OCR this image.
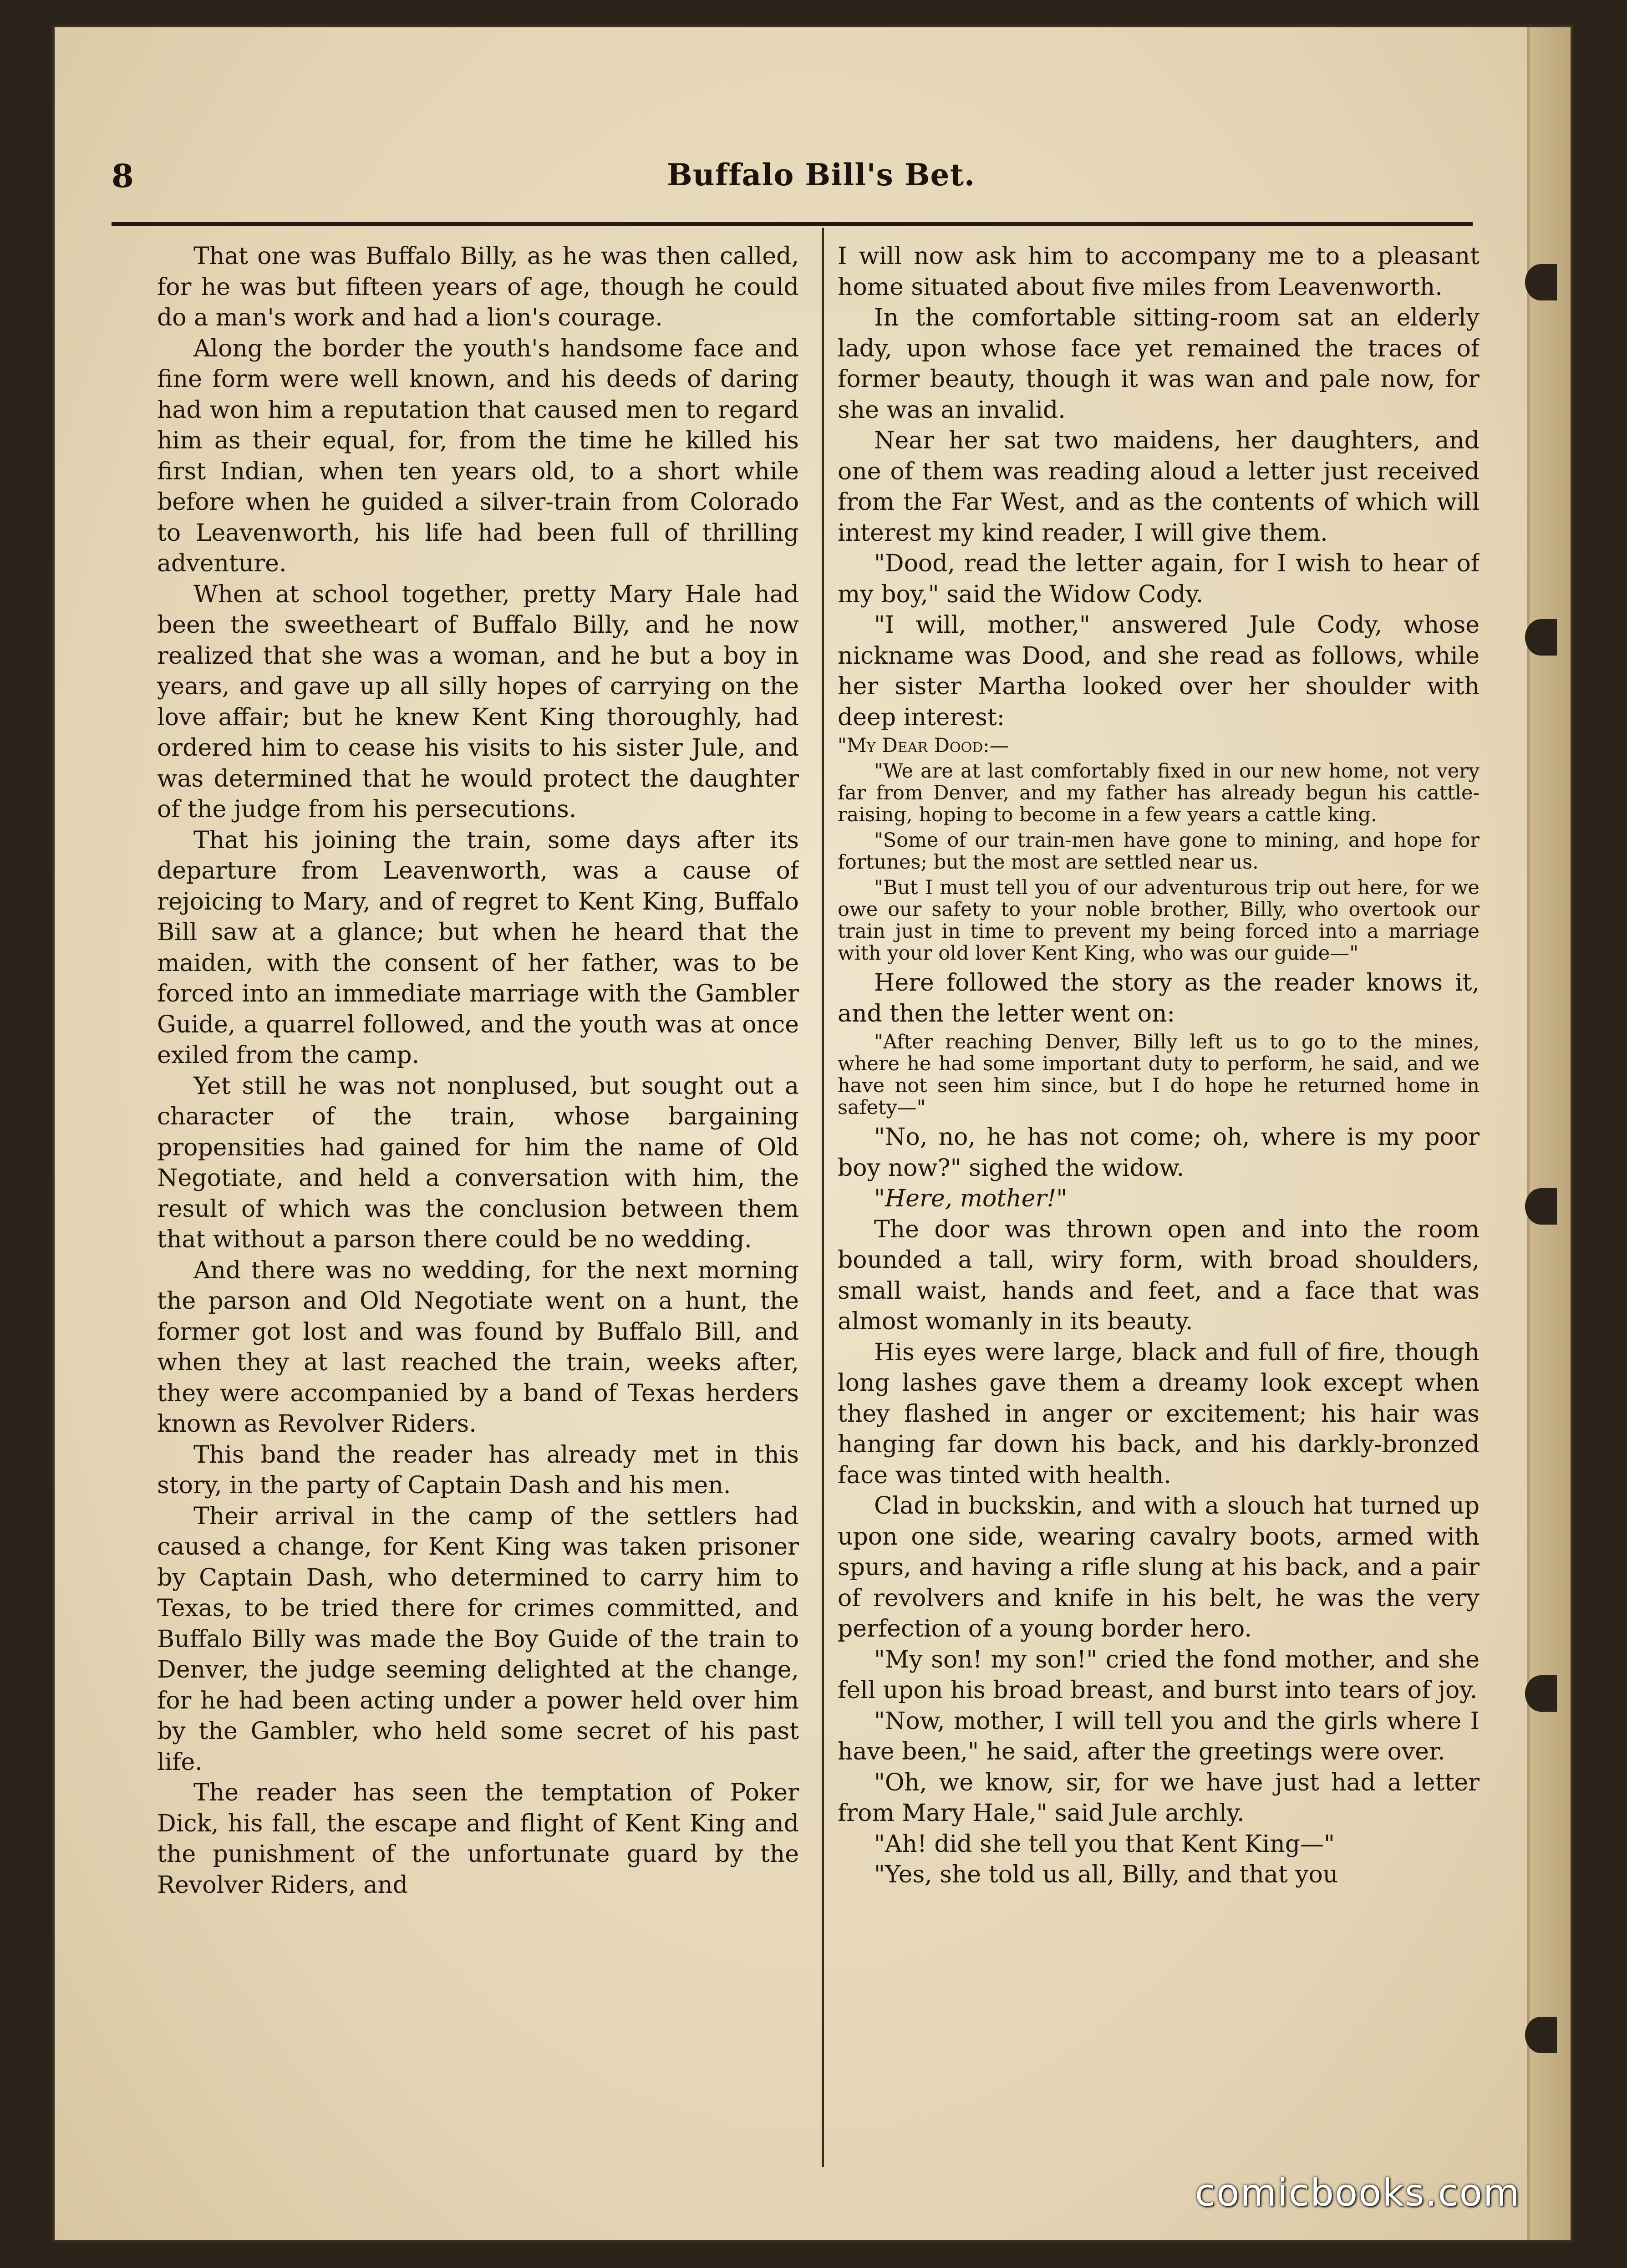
8	Buffalo Bill's Bet.

That one was Buffalo Billy, as he was then called, for he was but fifteen years of age, though he could do a man's work and had a lion's courage.

Along the border the youth's handsome face and fine form were well known, and his deeds of daring had won him a reputation that caused men to regard him as their equal, for, from the time he killed his first Indian, when ten years old, to a short while before when he guided a silver-train from Colorado to Leavenworth, his life had been full of thrilling adventure.

When at school together, pretty Mary Hale had been the sweetheart of Buffalo Billy, and he now realized that she was a woman, and he but a boy in years, and gave up all silly hopes of carrying on the love affair; but he knew Kent King thoroughly, had ordered him to cease his visits to his sister Jule, and was determined that he would protect the daughter of the judge from his persecutions.

That his joining the train, some days after its departure from Leavenworth, was a cause of rejoicing to Mary, and of regret to Kent King, Buffalo Bill saw at a glance; but when he heard that the maiden, with the consent of her father, was to be forced into an immediate marriage with the Gambler Guide, a quarrel followed, and the youth was at once exiled from the camp.

Yet still he was not nonplused, but sought out a character of the train, whose bargaining propensities had gained for him the name of Old Negotiate, and held a conversation with him, the result of which was the conclusion between them that without a parson there could be no wedding.

And there was no wedding, for the next morning the parson and Old Negotiate went on a hunt, the former got lost and was found by Buffalo Bill, and when they at last reached the train, weeks after, they were accompanied by a band of Texas herders known as Revolver Riders.

This band the reader has already met in this story, in the party of Captain Dash and his men.

Their arrival in the camp of the settlers had caused a change, for Kent King was taken prisoner by Captain Dash, who determined to carry him to Texas, to be tried there for crimes committed, and Buffalo Billy was made the Boy Guide of the train to Denver, the judge seeming delighted at the change, for he had been acting under a power held over him by the Gambler, who held some secret of his past life.

The reader has seen the temptation of Poker Dick, his fall, the escape and flight of Kent King and the punishment of the unfortunate guard by the Revolver Riders, and

I will now ask him to accompany me to a pleasant home situated about five miles from Leavenworth.

In the comfortable sitting-room sat an elderly lady, upon whose face yet remained the traces of former beauty, though it was wan and pale now, for she was an invalid.

Near her sat two maidens, her daughters, and one of them was reading aloud a letter just received from the Far West, and as the contents of which will interest my kind reader, I will give them.

"Dood, read the letter again, for I wish to hear of my boy," said the Widow Cody.

"I will, mother," answered Jule Cody, whose nickname was Dood, and she read as follows, while her sister Martha looked over her shoulder with deep interest:

"My Dear Dood:—

"We are at last comfortably fixed in our new home, not very far from Denver, and my father has already begun his cattle-raising, hoping to become in a few years a cattle king.

"Some of our train-men have gone to mining, and hope for fortunes; but the most are settled near us.

"But I must tell you of our adventurous trip out here, for we owe our safety to your noble brother, Billy, who overtook our train just in time to prevent my being forced into a marriage with your old lover Kent King, who was our guide—"

Here followed the story as the reader knows it, and then the letter went on:

"After reaching Denver, Billy left us to go to the mines, where he had some important duty to perform, he said, and we have not seen him since, but I do hope he returned home in safety—"

"No, no, he has not come; oh, where is my poor boy now?" sighed the widow.

"Here, mother!"

The door was thrown open and into the room bounded a tall, wiry form, with broad shoulders, small waist, hands and feet, and a face that was almost womanly in its beauty.

His eyes were large, black and full of fire, though long lashes gave them a dreamy look except when they flashed in anger or excitement; his hair was hanging far down his back, and his darkly-bronzed face was tinted with health.

Clad in buckskin, and with a slouch hat turned up upon one side, wearing cavalry boots, armed with spurs, and having a rifle slung at his back, and a pair of revolvers and knife in his belt, he was the very perfection of a young border hero.

"My son! my son!" cried the fond mother, and she fell upon his broad breast, and burst into tears of joy.

"Now, mother, I will tell you and the girls where I have been," he said, after the greetings were over.

"Oh, we know, sir, for we have just had a letter from Mary Hale," said Jule archly.

"Ah! did she tell you that Kent King—"

"Yes, she told us all, Billy, and that you

comicbooks.com
